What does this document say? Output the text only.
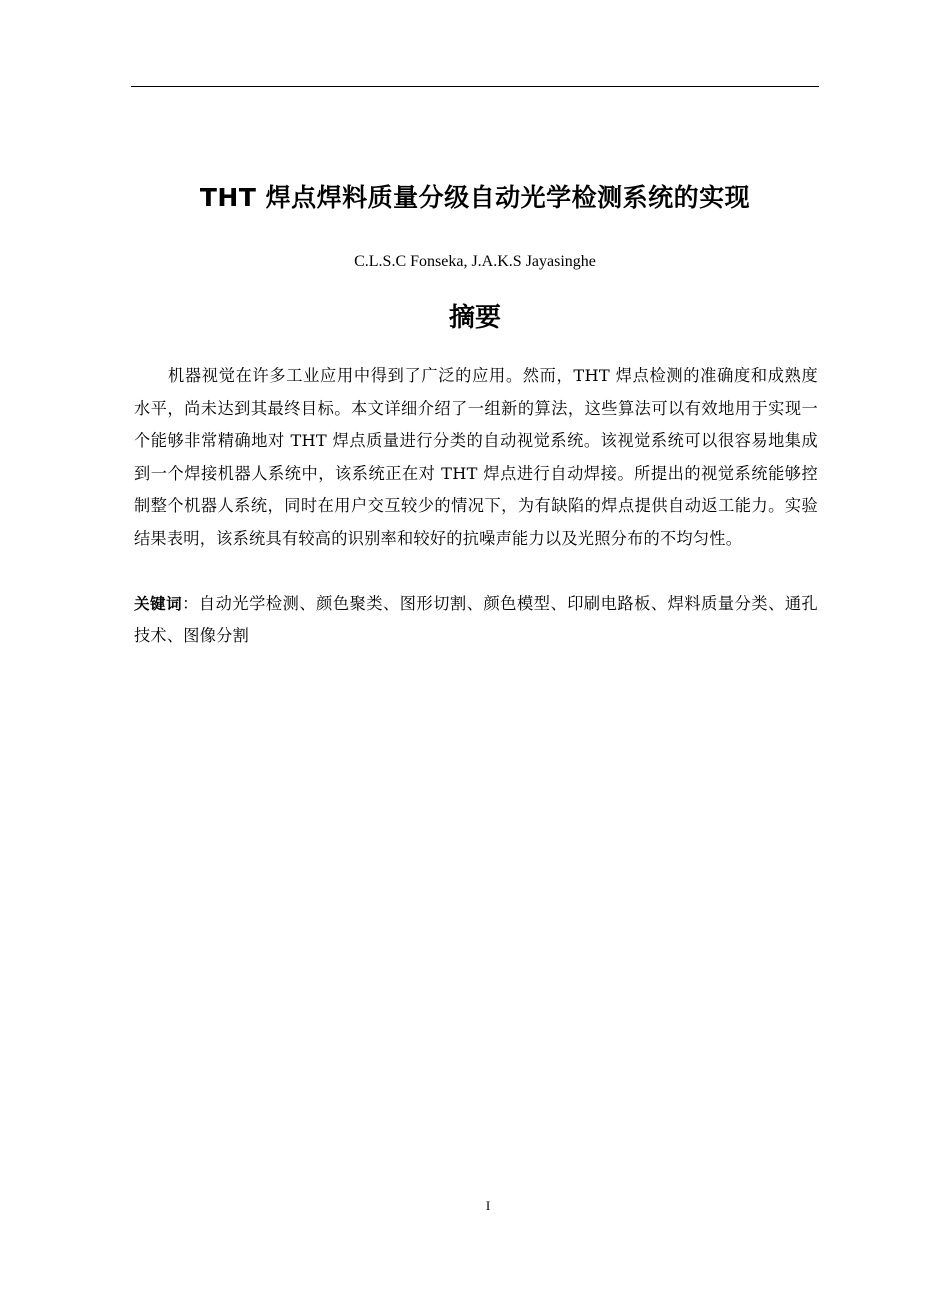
THT 焊点焊料质量分级自动光学检测系统的实现

C.L.S.C Fonseka, J.A.K.S Jayasinghe

摘要

机器视觉在许多工业应用中得到了广泛的应用。然而，THT 焊点检测的准确度和成熟度水平，尚未达到其最终目标。本文详细介绍了一组新的算法，这些算法可以有效地用于实现一个能够非常精确地对 THT 焊点质量进行分类的自动视觉系统。该视觉系统可以很容易地集成到一个焊接机器人系统中，该系统正在对 THT 焊点进行自动焊接。所提出的视觉系统能够控制整个机器人系统，同时在用户交互较少的情况下，为有缺陷的焊点提供自动返工能力。实验结果表明，该系统具有较高的识别率和较好的抗噪声能力以及光照分布的不均匀性。

关键词：自动光学检测、颜色聚类、图形切割、颜色模型、印刷电路板、焊料质量分类、通孔技术、图像分割

I
